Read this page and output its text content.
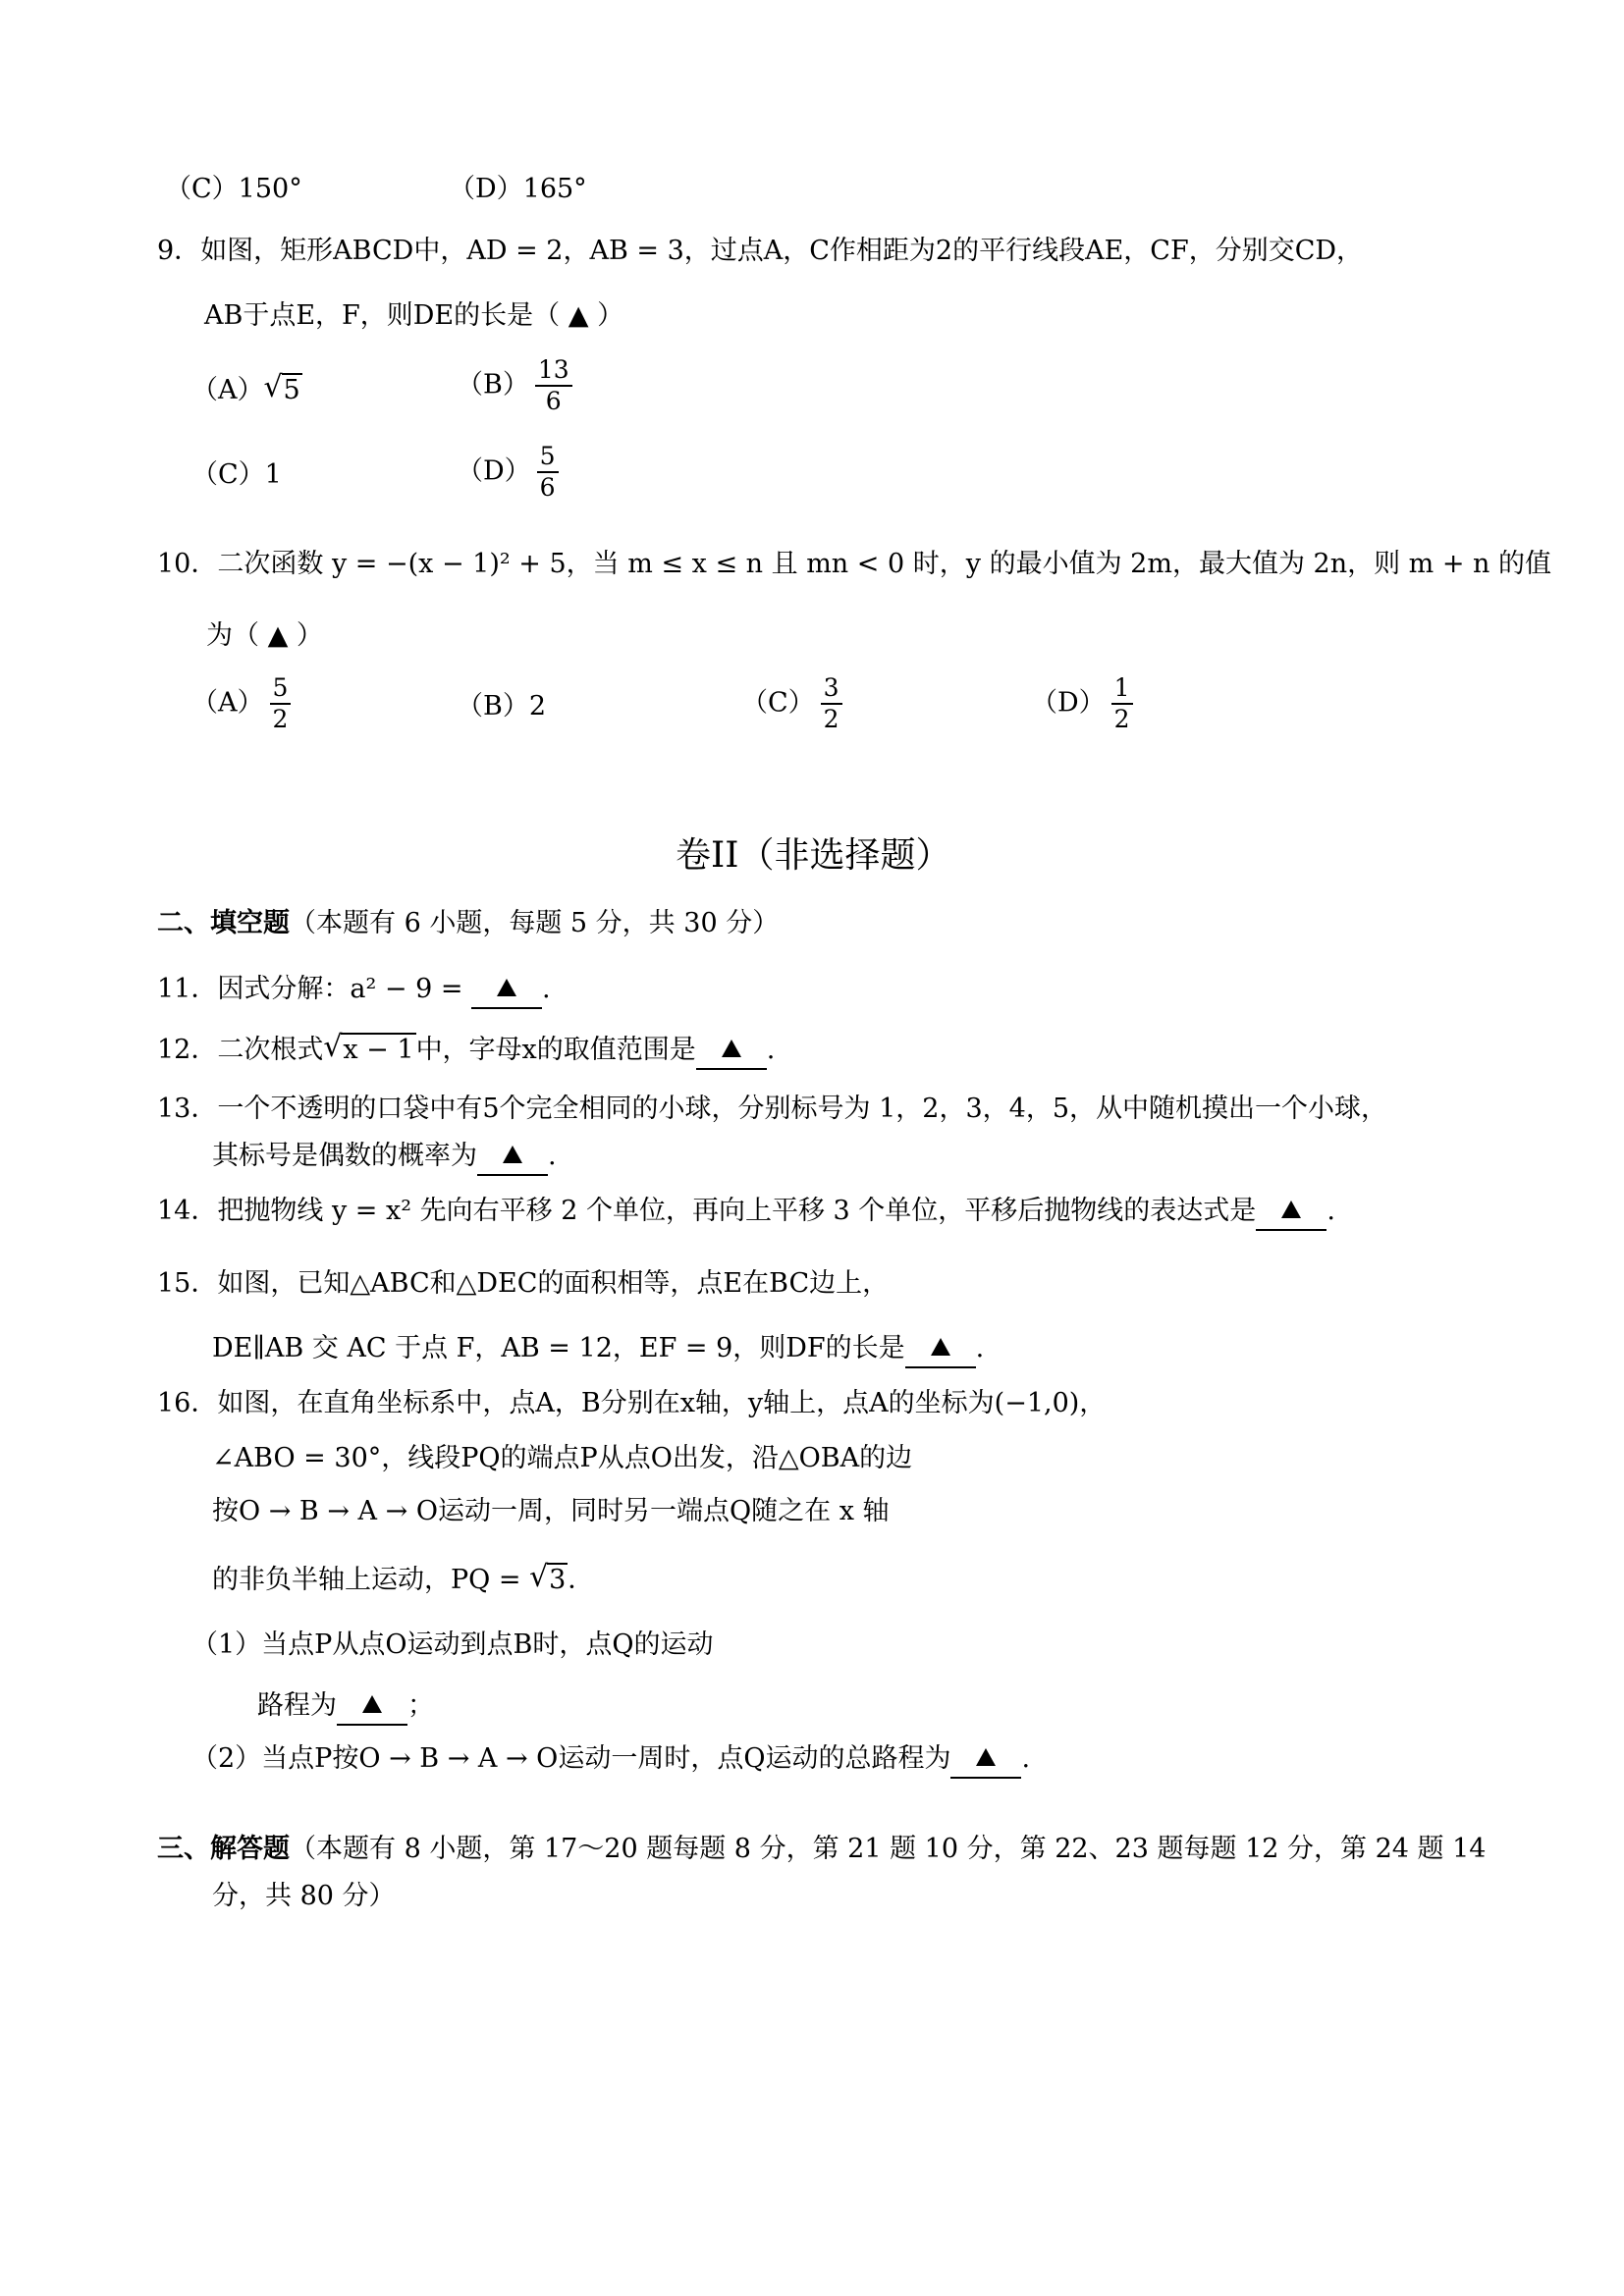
（C）150°	（D）165°
9．如图，矩形ABCD中，AD = 2，AB = 3，过点A，C作相距为2的平行线段AE，CF，分别交CD，
AB于点E，F，则DE的长是（ ▲ ）
（A） √ 5	$(B) \frac{13}{6}$
（C）1	$(D) \frac{5}{6}$
10．二次函数 y = −(x − 1)² + 5，当 m ≤ x ≤ n 且 mn < 0 时，y 的最小值为 2m，最大值为 2n，则 m + n 的值
为（ ▲ ）
$(A) \frac{5}{2}$	（B）2	$(C) \frac{3}{2}$	$(D) \frac{1}{2}$
卷II（非选择题）
二、填空题（本题有 6 小题，每题 5 分，共 30 分）
11．因式分解：a² − 9 =	.
12．二次根式 √ x − 1中，字母x的取值范围是	.
13．一个不透明的口袋中有5个完全相同的小球，分别标号为 1，2，3，4，5，从中随机摸出一个小球，
其标号是偶数的概率为	.
14．把抛物线 y = x² 先向右平移 2 个单位，再向上平移 3 个单位，平移后抛物线的表达式是	.
15．如图，已知△ABC和△DEC的面积相等，点E在BC边上，
DE∥AB 交 AC 于点 F，AB = 12，EF = 9，则DF的长是	.
16．如图，在直角坐标系中，点A，B分别在x轴，y轴上，点A的坐标为(−1,0)，
∠ABO = 30°，线段PQ的端点P从点O出发，沿△OBA的边
按O → B → A → O运动一周，同时另一端点Q随之在 x 轴
的非负半轴上运动，PQ = √ 3．
（1）当点P从点O运动到点B时，点Q的运动
路程为	；
（2）当点P按O → B → A → O运动一周时，点Q运动的总路程为	.
三、解答题（本题有 8 小题，第 17～20 题每题 8 分，第 21 题 10 分，第 22、23 题每题 12 分，第 24 题 14
分，共 80 分）
